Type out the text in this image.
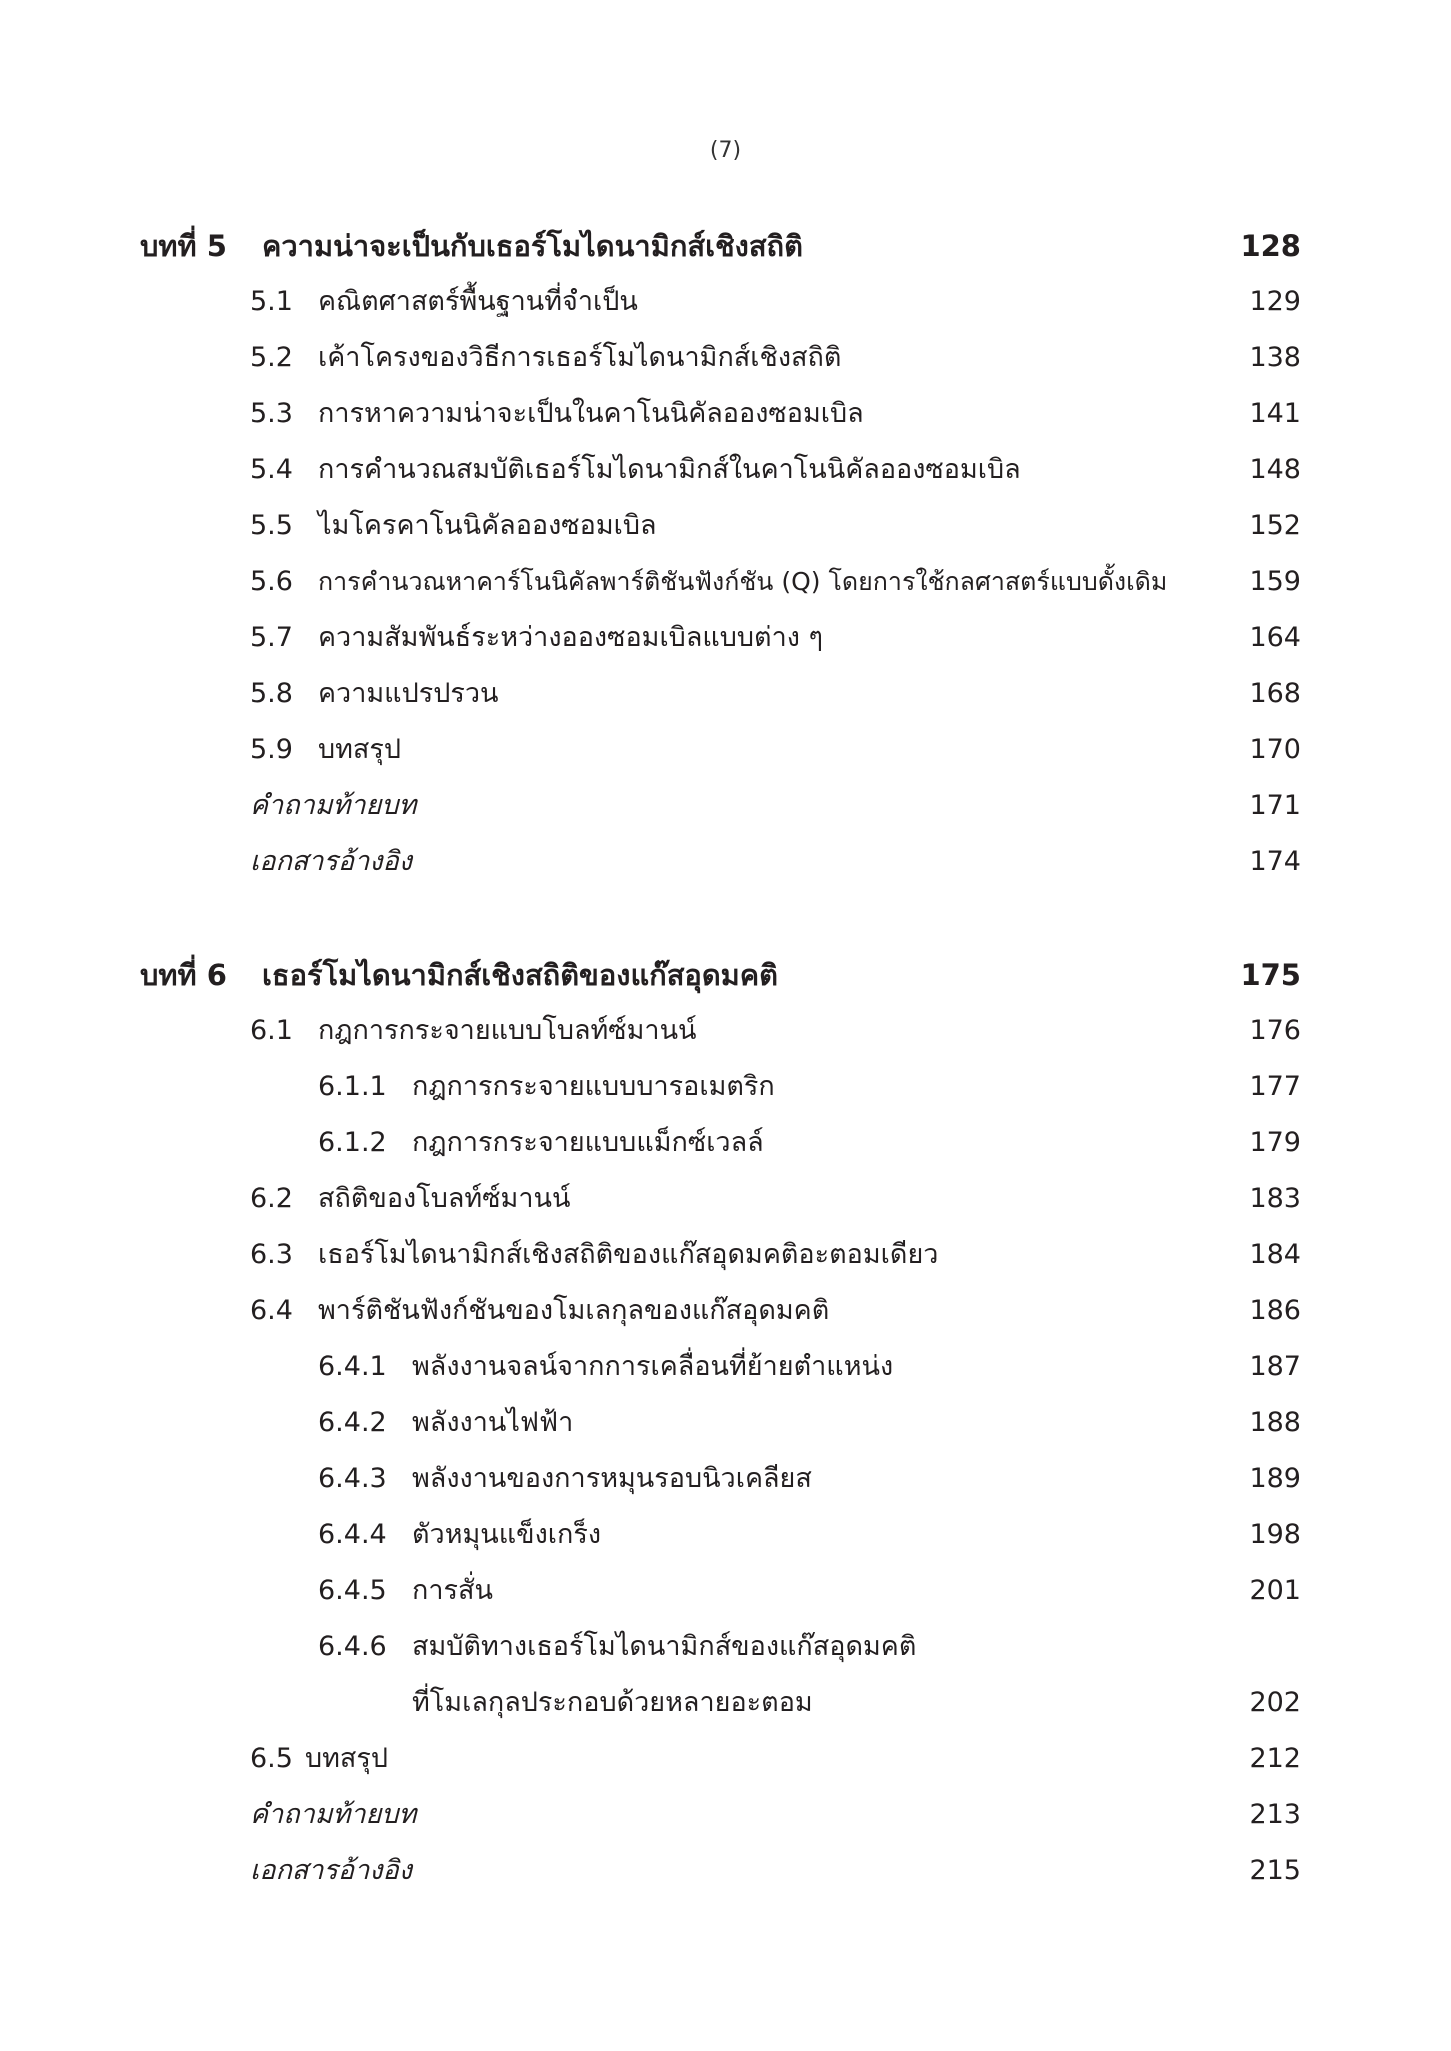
(7)
บทที่ 5 ความน่าจะเป็นกับเธอร์โมไดนามิกส์เชิงสถิติ	128
5.1 คณิตศาสตร์พื้นฐานที่จำเป็น	129
5.2 เค้าโครงของวิธีการเธอร์โมไดนามิกส์เชิงสถิติ	138
5.3 การหาความน่าจะเป็นในคาโนนิคัลอองซอมเบิล	141
5.4 การคำนวณสมบัติเธอร์โมไดนามิกส์ในคาโนนิคัลอองซอมเบิล	148
5.5 ไมโครคาโนนิคัลอองซอมเบิล	152
5.6 การคำนวณหาคาร์โนนิคัลพาร์ติชันฟังก์ชัน (Q) โดยการใช้กลศาสตร์แบบดั้งเดิม	159
5.7 ความสัมพันธ์ระหว่างอองซอมเบิลแบบต่าง ๆ	164
5.8 ความแปรปรวน	168
5.9 บทสรุป	170
คำถามท้ายบท	171
เอกสารอ้างอิง	174
บทที่ 6 เธอร์โมไดนามิกส์เชิงสถิติของแก๊สอุดมคติ	175
6.1 กฎการกระจายแบบโบลท์ซ์มานน์	176
6.1.1 กฎการกระจายแบบบารอเมตริก	177
6.1.2 กฎการกระจายแบบแม็กซ์เวลล์	179
6.2 สถิติของโบลท์ซ์มานน์	183
6.3 เธอร์โมไดนามิกส์เชิงสถิติของแก๊สอุดมคติอะตอมเดียว	184
6.4 พาร์ติชันฟังก์ชันของโมเลกุลของแก๊สอุดมคติ	186
6.4.1 พลังงานจลน์จากการเคลื่อนที่ย้ายตำแหน่ง	187
6.4.2 พลังงานไฟฟ้า	188
6.4.3 พลังงานของการหมุนรอบนิวเคลียส	189
6.4.4 ตัวหมุนแข็งเกร็ง	198
6.4.5 การสั่น	201
6.4.6 สมบัติทางเธอร์โมไดนามิกส์ของแก๊สอุดมคติ
ที่โมเลกุลประกอบด้วยหลายอะตอม	202
6.5 บทสรุป	212
คำถามท้ายบท	213
เอกสารอ้างอิง	215
